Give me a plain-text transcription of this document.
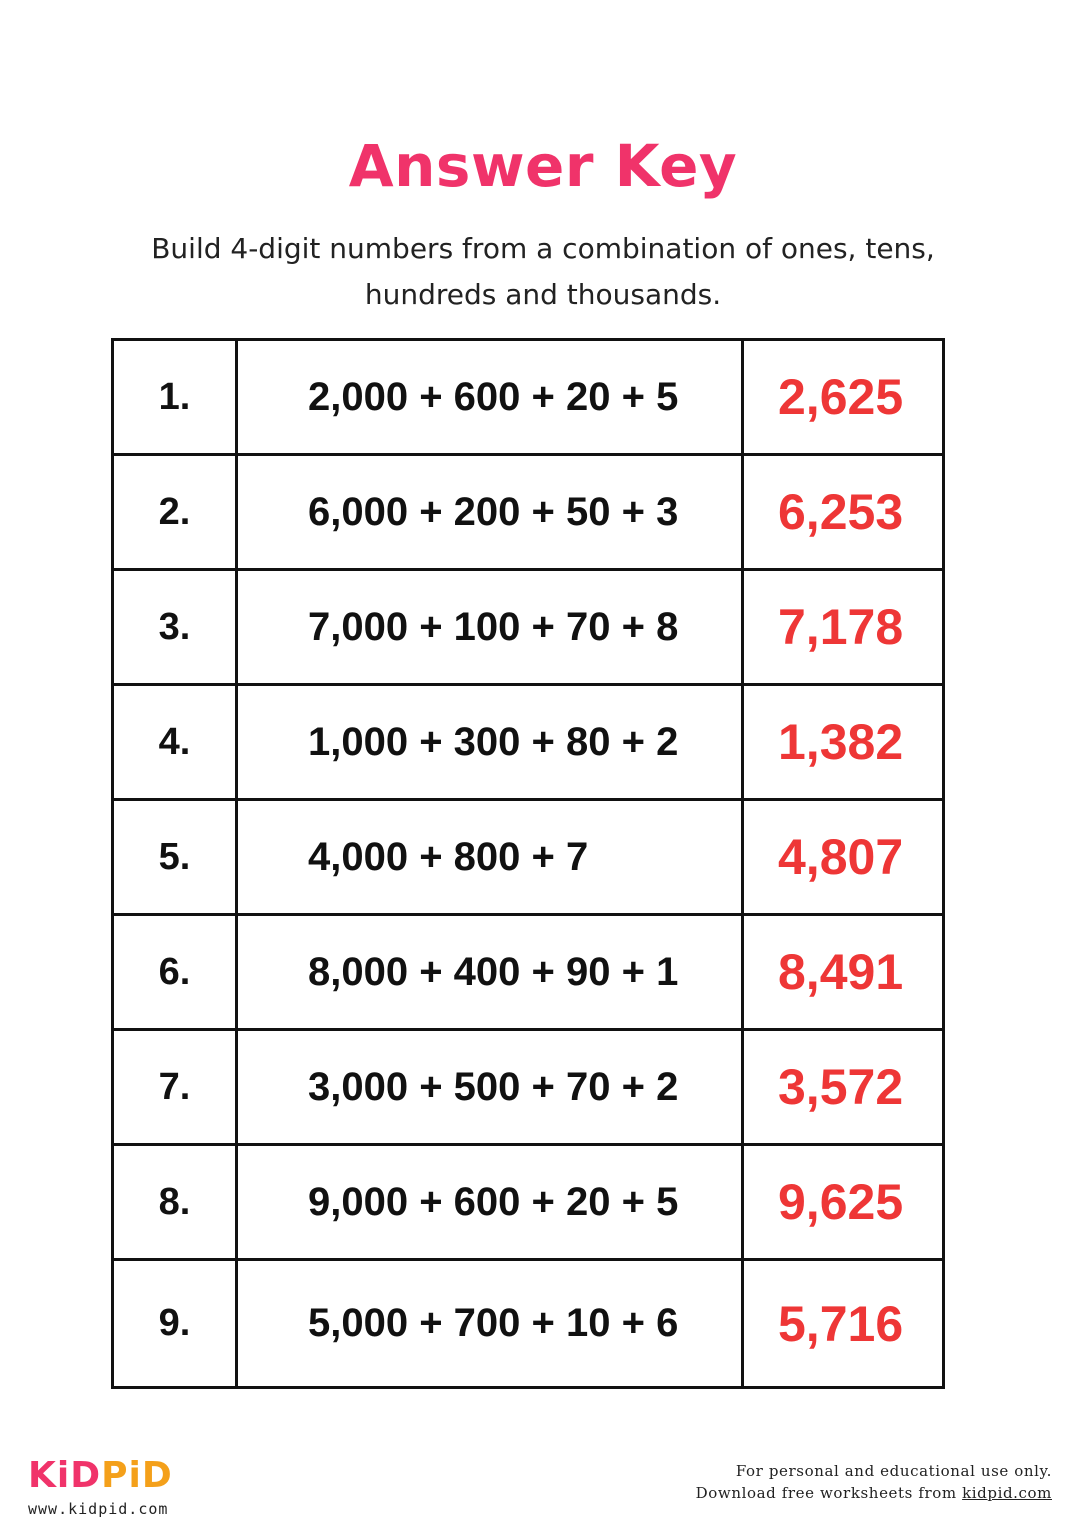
Answer Key
Build 4-digit numbers from a combination of ones, tens,
hundreds and thousands.
1.	2,000 + 600 + 20 + 5	2,625
2.	6,000 + 200 + 50 + 3	6,253
3.	7,000 + 100 + 70 + 8	7,178
4.	1,000 + 300 + 80 + 2	1,382
5.	4,000 + 800 + 7	4,807
6.	8,000 + 400 + 90 + 1	8,491
7.	3,000 + 500 + 70 + 2	3,572
8.	9,000 + 600 + 20 + 5	9,625
9.	5,000 + 700 + 10 + 6	5,716
KiDPiD
www.kidpid.com
For personal and educational use only.
Download free worksheets from kidpid.com
